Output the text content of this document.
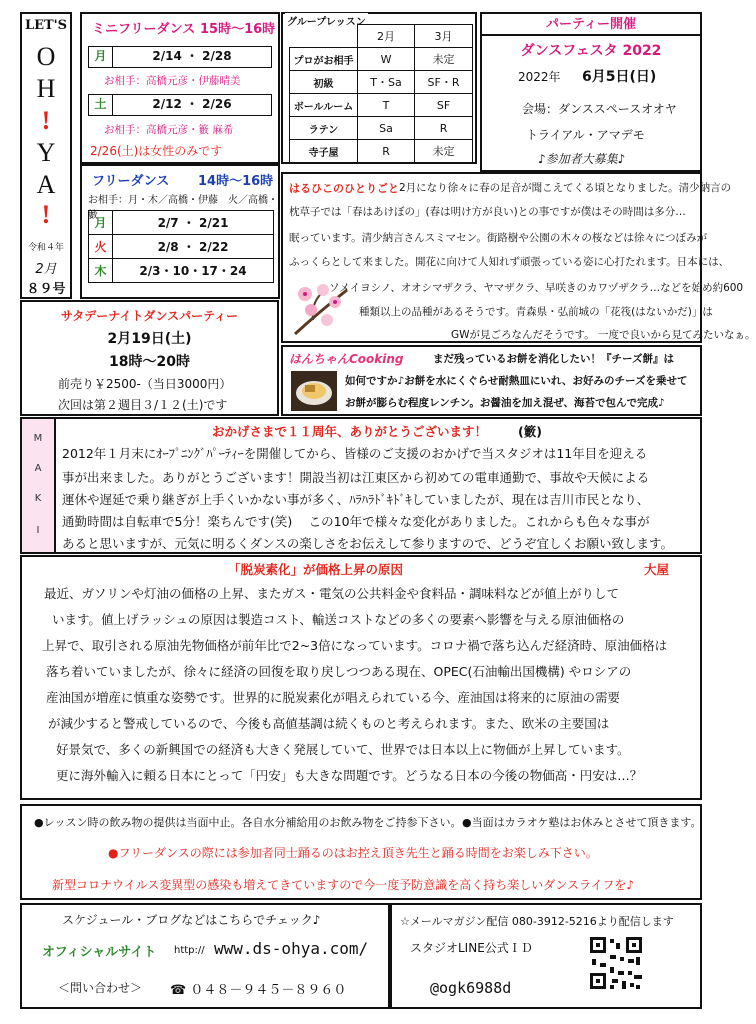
LET'S
O
H
!
Y
A
!
令和４年
2月
８９号
ミニフリーダンス 15時～16時
月	2/14 ・ 2/28
お相手：高橋元彦・伊藤晴美
土	2/12 ・ 2/26
お相手：高橋元彦・籔 麻希
2/26(土)は女性のみです
フリーダンス 14時～16時
お相手：月・木／高橋・伊藤　火／高橋・籔
月	2/7 ・ 2/21
火	2/8 ・ 2/22
木	2/3・10・17・24
グループレッスン
	2月	3月
プロがお相手	W	未定
初級	T・Sa	SF・R
ボールルーム	T	SF
ラテン	Sa	R
寺子屋	R	未定
パーティー開催
ダンスフェスタ 2022
2022年 6月5日(日)
会場：ダンススペースオオヤ
トライアル・アマデモ
♪参加者大募集♪

はるひこのひとりごと 2月になり徐々に春の足音が聞こえてくる頃となりました。清少納言の

枕草子では「春はあけぼの」(春は明け方が良い)との事ですが僕はその時間は多分…

眠っています。清少納言さんスミマセン。街路樹や公園の木々の桜などは徐々につぼみが

ふっくらとして来ました。開花に向けて人知れず頑張っている姿に心打たれます。日本には、

ソメイヨシノ、オオシマザクラ、ヤマザクラ、早咲きのカワヅザクラ…などを始め約600

種類以上の品種があるそうです。青森県・弘前城の「花筏(はないかだ)」は

GWが見ごろなんだそうです。 一度で良いから見てみたいなぁ。

サタデーナイトダンスパーティー
2月19日(土)
18時～20時
前売り￥2500-（当日3000円）
次回は第２週目３/１２(土)です
はんちゃんCooking	まだ残っているお餅を消化したい！『チーズ餅』は
如何ですか♪お餅を水にくぐらせ耐熱皿にいれ、お好みのチーズを乗せて
お餅が膨らむ程度レンチン。お醤油を加え混ぜ、海苔で包んで完成♪
M
A
K
I

おかげさまで１１周年、ありがとうございます！ (籔)

2012年１月末にｵｰﾌﾟﾆﾝｸﾞﾊﾟｰﾃｨｰを開催してから、皆様のご支援のおかげで当スタジオは11年目を迎える

事が出来ました。ありがとうございます！開設当初は江東区から初めての電車通勤で、事故や天候による

運休や遅延で乗り継ぎが上手くいかない事が多く、ﾊﾗﾊﾗﾄﾞｷﾄﾞｷしていましたが、現在は吉川市民となり、

通勤時間は自転車で5分！楽ちんです(笑)　 この10年で様々な変化がありました。これからも色々な事が

あると思いますが、元気に明るくダンスの楽しさをお伝えして参りますので、どうぞ宜しくお願い致します。

「脱炭素化」が価格上昇の原因	大屋

最近、ガソリンや灯油の価格の上昇、またガス・電気の公共料金や食料品・調味料などが値上がりして

います。値上げラッシュの原因は製造コスト、輸送コストなどの多くの要素へ影響を与える原油価格の

上昇で、取引される原油先物価格が前年比で2~3倍になっています。コロナ禍で落ち込んだ経済時、原油価格は

落ち着いていましたが、徐々に経済の回復を取り戻しつつある現在、OPEC(石油輸出国機構) やロシアの

産油国が増産に慎重な姿勢です。世界的に脱炭素化が唱えられている今、産油国は将来的に原油の需要

が減少すると警戒しているので、今後も高値基調は続くものと考えられます。また、欧米の主要国は

好景気で、多くの新興国での経済も大きく発展していて、世界では日本以上に物価が上昇しています。

更に海外輸入に頼る日本にとって「円安」も大きな問題です。どうなる日本の今後の物価高・円安は…？

●レッスン時の飲み物の提供は当面中止。各自水分補給用のお飲み物をご持参下さい。 ●当面はカラオケ塾はお休みとさせて頂きます。

●フリーダンスの際には参加者同士踊るのはお控え頂き先生と踊る時間をお楽しみ下さい。

新型コロナウイルス変異型の感染も増えてきていますので今一度予防意識を高く持ち楽しいダンスライフを♪

スケジュール・ブログなどはこちらでチェック♪

オフィシャルサイト http:// www.ds-ohya.com/

＜問い合わせ＞ ☎ ０４８－９４５－８９６０

☆メールマガジン配信 080-3912-5216より配信します

スタジオLINE公式ＩＤ

@ogk6988d
